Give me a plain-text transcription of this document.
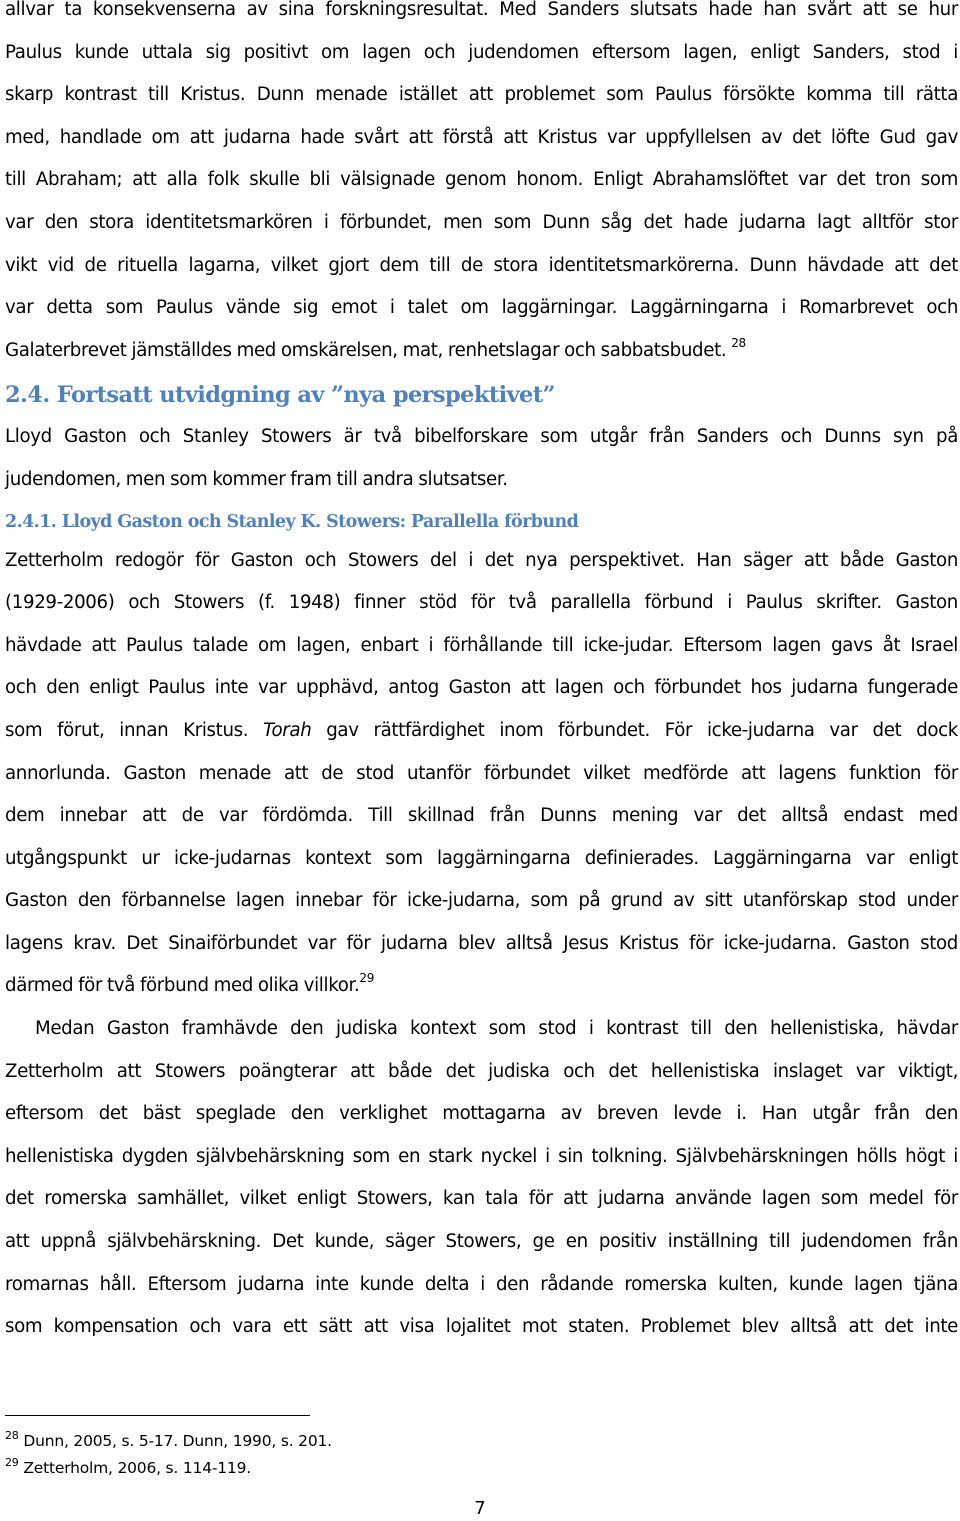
allvar ta konsekvenserna av sina forskningsresultat. Med Sanders slutsats hade han svårt att se hur
Paulus kunde uttala sig positivt om lagen och judendomen eftersom lagen, enligt Sanders, stod i
skarp kontrast till Kristus. Dunn menade istället att problemet som Paulus försökte komma till rätta
med, handlade om att judarna hade svårt att förstå att Kristus var uppfyllelsen av det löfte Gud gav
till Abraham; att alla folk skulle bli välsignade genom honom. Enligt Abrahamslöftet var det tron som
var den stora identitetsmarkören i förbundet, men som Dunn såg det hade judarna lagt alltför stor
vikt vid de rituella lagarna, vilket gjort dem till de stora identitetsmarkörerna. Dunn hävdade att det
var detta som Paulus vände sig emot i talet om laggärningar. Laggärningarna i Romarbrevet och
Galaterbrevet jämställdes med omskärelsen, mat, renhetslagar och sabbatsbudet. $^{28}$

2.4. Fortsatt utvidgning av ”nya perspektivet”

Lloyd Gaston och Stanley Stowers är två bibelforskare som utgår från Sanders och Dunns syn på
judendomen, men som kommer fram till andra slutsatser.

2.4.1. Lloyd Gaston och Stanley K. Stowers: Parallella förbund

Zetterholm redogör för Gaston och Stowers del i det nya perspektivet. Han säger att både Gaston
(1929-2006) och Stowers (f. 1948) finner stöd för två parallella förbund i Paulus skrifter. Gaston
hävdade att Paulus talade om lagen, enbart i förhållande till icke-judar. Eftersom lagen gavs åt Israel
och den enligt Paulus inte var upphävd, antog Gaston att lagen och förbundet hos judarna fungerade
som förut, innan Kristus. Torah gav rättfärdighet inom förbundet. För icke-judarna var det dock
annorlunda. Gaston menade att de stod utanför förbundet vilket medförde att lagens funktion för
dem innebar att de var fördömda. Till skillnad från Dunns mening var det alltså endast med
utgångspunkt ur icke-judarnas kontext som laggärningarna definierades. Laggärningarna var enligt
Gaston den förbannelse lagen innebar för icke-judarna, som på grund av sitt utanförskap stod under
lagens krav. Det Sinaiförbundet var för judarna blev alltså Jesus Kristus för icke-judarna. Gaston stod
därmed för två förbund med olika villkor.$^{29}$

Medan Gaston framhävde den judiska kontext som stod i kontrast till den hellenistiska, hävdar
Zetterholm att Stowers poängterar att både det judiska och det hellenistiska inslaget var viktigt,
eftersom det bäst speglade den verklighet mottagarna av breven levde i. Han utgår från den
hellenistiska dygden självbehärskning som en stark nyckel i sin tolkning. Självbehärskningen hölls högt i
det romerska samhället, vilket enligt Stowers, kan tala för att judarna använde lagen som medel för
att uppnå självbehärskning. Det kunde, säger Stowers, ge en positiv inställning till judendomen från
romarnas håll. Eftersom judarna inte kunde delta i den rådande romerska kulten, kunde lagen tjäna
som kompensation och vara ett sätt att visa lojalitet mot staten. Problemet blev alltså att det inte

$^{28}$ Dunn, 2005, s. 5-17. Dunn, 1990, s. 201.
$^{29}$ Zetterholm, 2006, s. 114-119.
7
